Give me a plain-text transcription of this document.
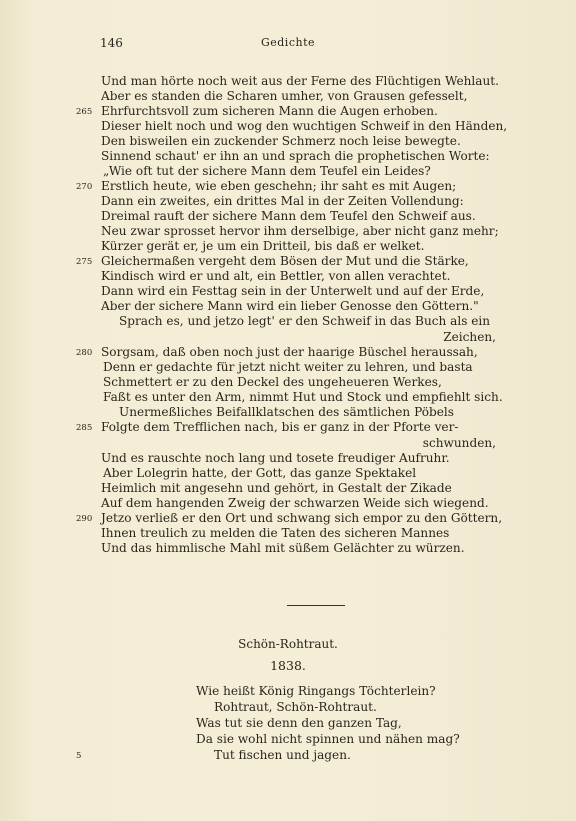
146	Gedichte
Und man hörte noch weit aus der Ferne des Flüchtigen Wehlaut.
Aber es standen die Scharen umher, von Grausen gefesselt,
265 Ehrfurchtsvoll zum sicheren Mann die Augen erhoben.
Dieser hielt noch und wog den wuchtigen Schweif in den Händen,
Den bisweilen ein zuckender Schmerz noch leise bewegte.
Sinnend schaut' er ihn an und sprach die prophetischen Worte:
„Wie oft tut der sichere Mann dem Teufel ein Leides?
270 Erstlich heute, wie eben geschehn; ihr saht es mit Augen;
Dann ein zweites, ein drittes Mal in der Zeiten Vollendung:
Dreimal rauft der sichere Mann dem Teufel den Schweif aus.
Neu zwar sprosset hervor ihm derselbige, aber nicht ganz mehr;
Kürzer gerät er, je um ein Dritteil, bis daß er welket.
275 Gleichermaßen vergeht dem Bösen der Mut und die Stärke,
Kindisch wird er und alt, ein Bettler, von allen verachtet.
Dann wird ein Festtag sein in der Unterwelt und auf der Erde,
Aber der sichere Mann wird ein lieber Genosse den Göttern."
Sprach es, und jetzo legt' er den Schweif in das Buch als ein
Zeichen,
280 Sorgsam, daß oben noch just der haarige Büschel heraussah,
Denn er gedachte für jetzt nicht weiter zu lehren, und basta
Schmettert er zu den Deckel des ungeheueren Werkes,
Faßt es unter den Arm, nimmt Hut und Stock und empfiehlt sich.
Unermeßliches Beifallklatschen des sämtlichen Pöbels
285 Folgte dem Trefflichen nach, bis er ganz in der Pforte ver-
schwunden,
Und es rauschte noch lang und tosete freudiger Aufruhr.
Aber Lolegrin hatte, der Gott, das ganze Spektakel
Heimlich mit angesehn und gehört, in Gestalt der Zikade
Auf dem hangenden Zweig der schwarzen Weide sich wiegend.
290 Jetzo verließ er den Ort und schwang sich empor zu den Göttern,
Ihnen treulich zu melden die Taten des sicheren Mannes
Und das himmlische Mahl mit süßem Gelächter zu würzen.
Schön-Rohtraut.
1838.
Wie heißt König Ringangs Töchterlein?
Rohtraut, Schön-Rohtraut.
Was tut sie denn den ganzen Tag,
Da sie wohl nicht spinnen und nähen mag?
5	Tut fischen und jagen.
